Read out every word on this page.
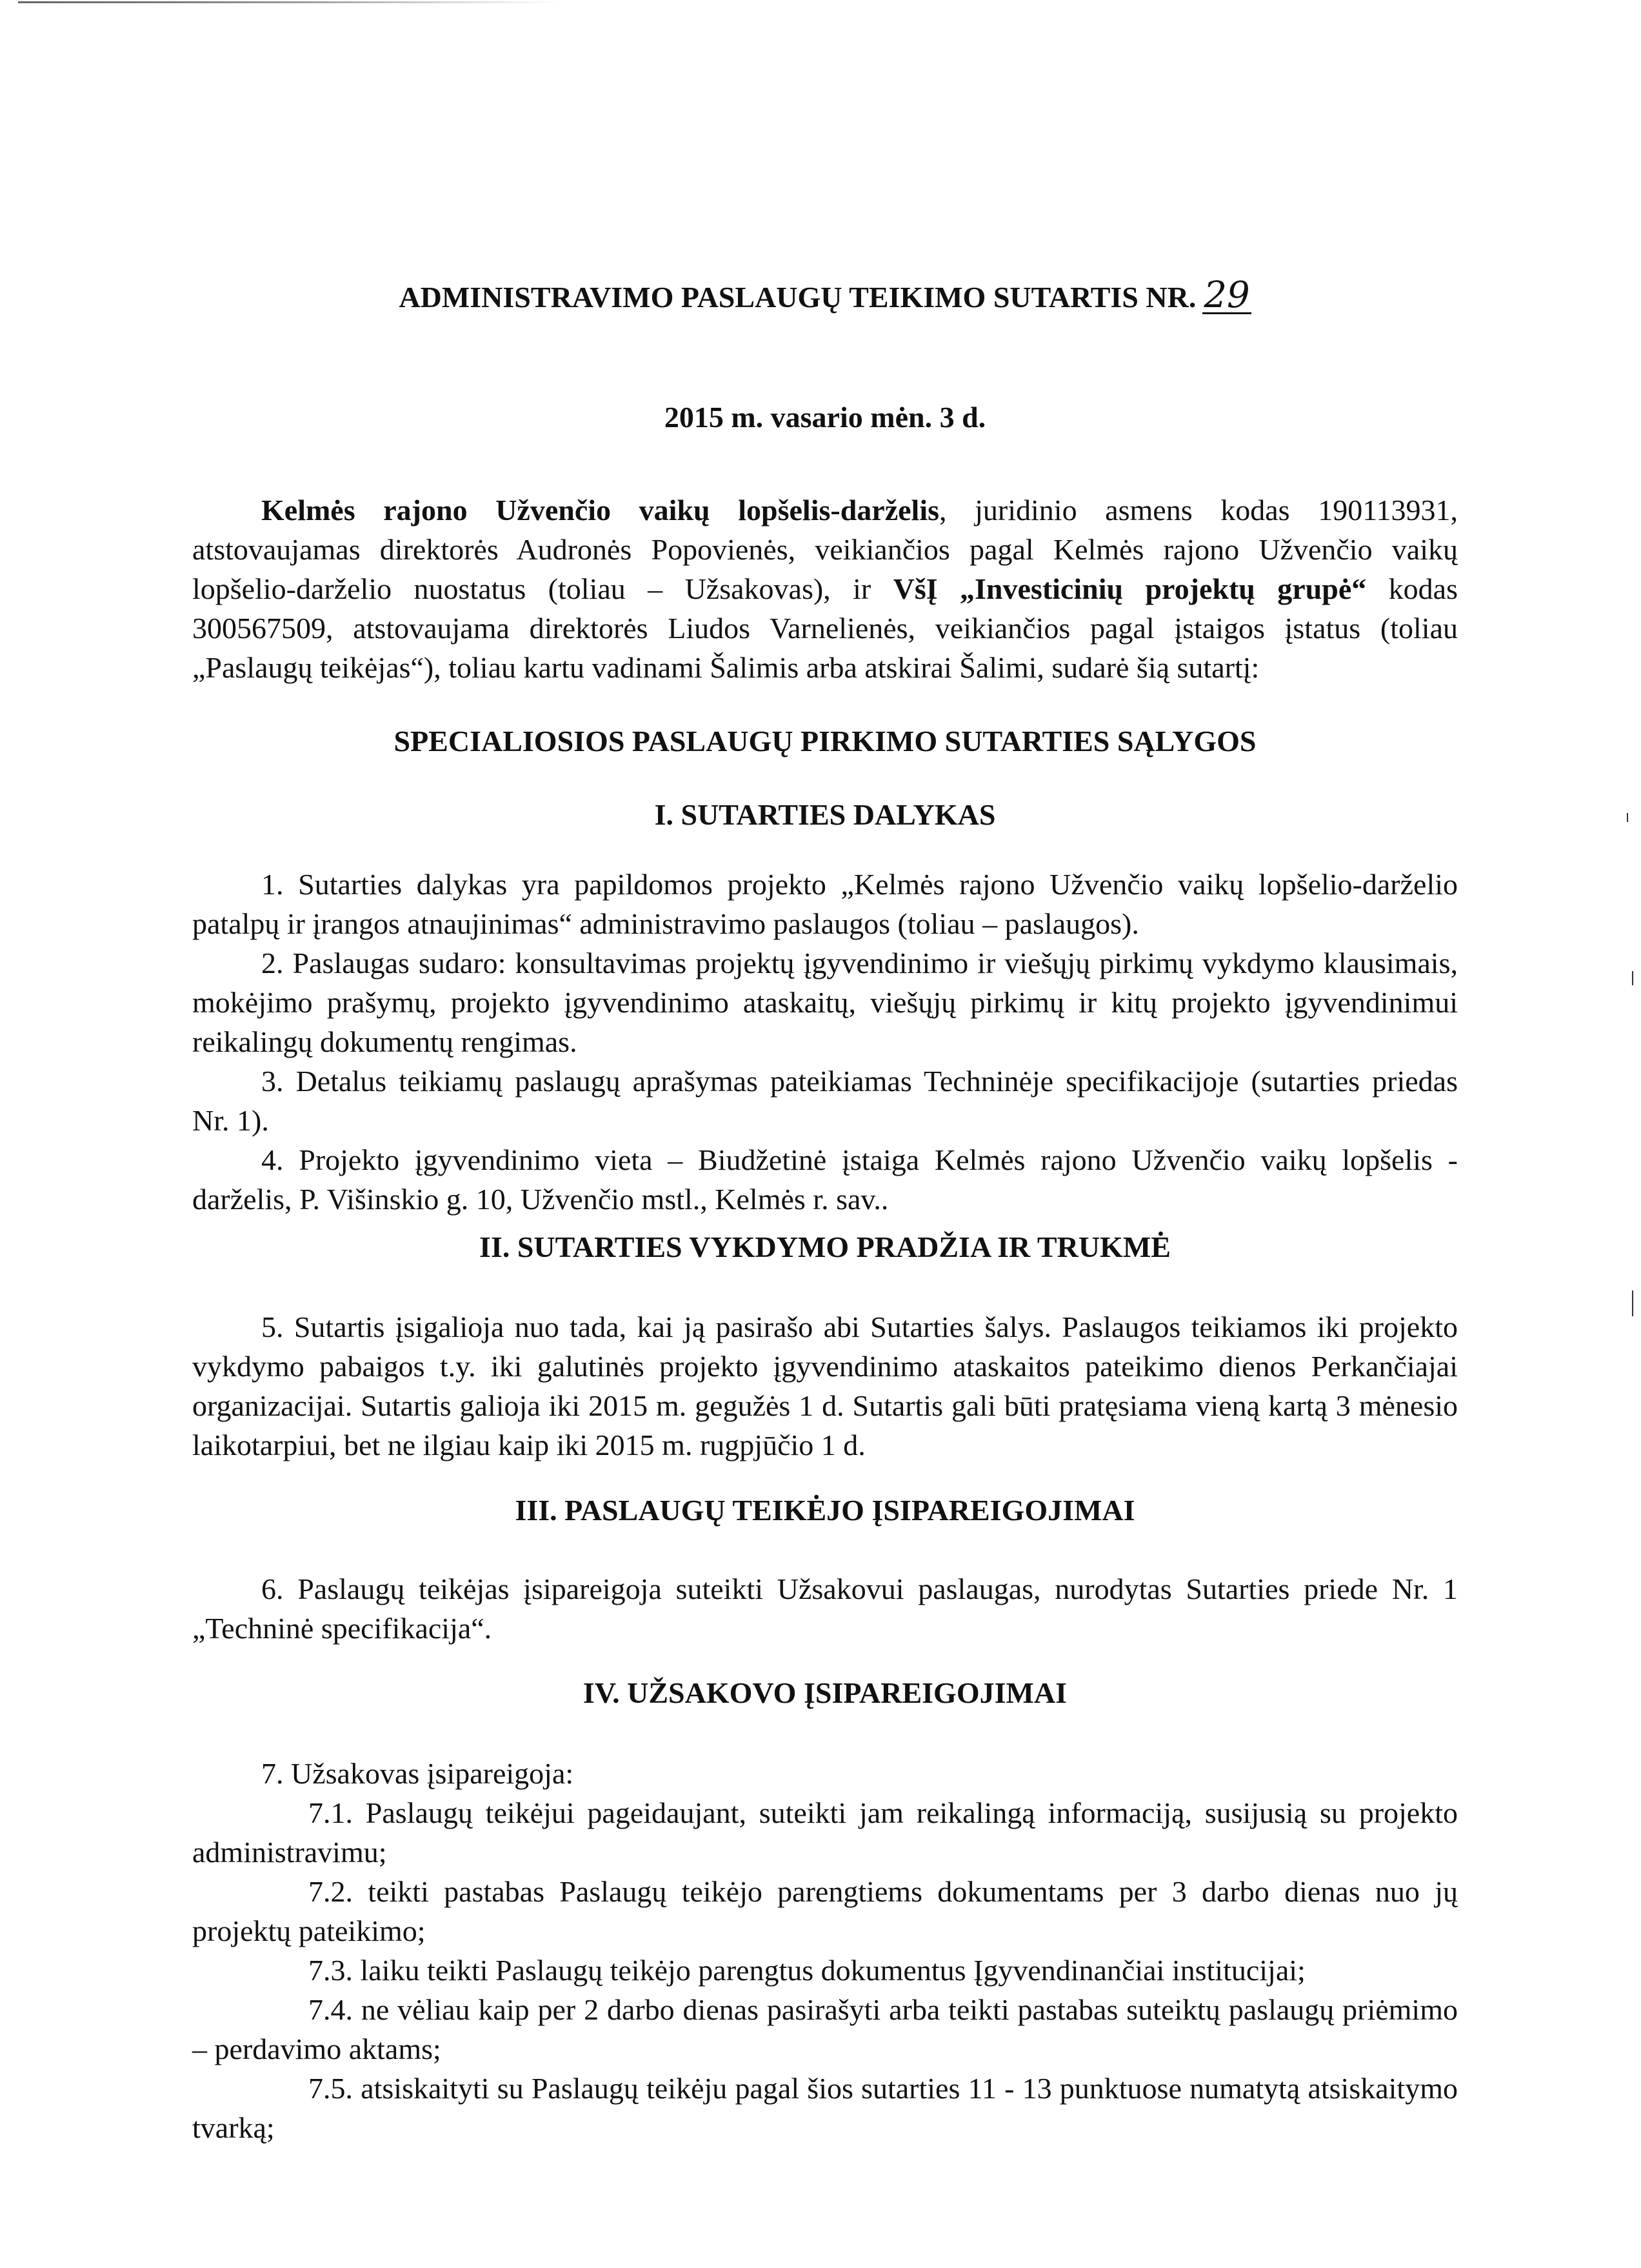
ADMINISTRAVIMO PASLAUGŲ TEIKIMO SUTARTIS NR. 29
2015 m. vasario mėn. 3 d.

Kelmės rajono Užvenčio vaikų lopšelis-darželis, juridinio asmens kodas 190113931, atstovaujamas direktorės Audronės Popovienės, veikiančios pagal Kelmės rajono Užvenčio vaikų lopšelio-darželio nuostatus (toliau – Užsakovas), ir VšĮ „Investicinių projektų grupė“ kodas 300567509, atstovaujama direktorės Liudos Varnelienės, veikiančios pagal įstaigos įstatus (toliau „Paslaugų teikėjas“), toliau kartu vadinami Šalimis arba atskirai Šalimi, sudarė šią sutartį:

SPECIALIOSIOS PASLAUGŲ PIRKIMO SUTARTIES SĄLYGOS
I. SUTARTIES DALYKAS

1. Sutarties dalykas yra papildomos projekto „Kelmės rajono Užvenčio vaikų lopšelio-darželio patalpų ir įrangos atnaujinimas“ administravimo paslaugos (toliau – paslaugos).

2. Paslaugas sudaro: konsultavimas projektų įgyvendinimo ir viešųjų pirkimų vykdymo klausimais, mokėjimo prašymų, projekto įgyvendinimo ataskaitų, viešųjų pirkimų ir kitų projekto įgyvendinimui reikalingų dokumentų rengimas.

3. Detalus teikiamų paslaugų aprašymas pateikiamas Techninėje specifikacijoje (sutarties priedas Nr. 1).

4. Projekto įgyvendinimo vieta – Biudžetinė įstaiga Kelmės rajono Užvenčio vaikų lopšelis - darželis, P. Višinskio g. 10, Užvenčio mstl., Kelmės r. sav..

II. SUTARTIES VYKDYMO PRADŽIA IR TRUKMĖ

5. Sutartis įsigalioja nuo tada, kai ją pasirašo abi Sutarties šalys. Paslaugos teikiamos iki projekto vykdymo pabaigos t.y. iki galutinės projekto įgyvendinimo ataskaitos pateikimo dienos Perkančiajai organizacijai. Sutartis galioja iki 2015 m. gegužės 1 d. Sutartis gali būti pratęsiama vieną kartą 3 mėnesio laikotarpiui, bet ne ilgiau kaip iki 2015 m. rugpjūčio 1 d.

III. PASLAUGŲ TEIKĖJO ĮSIPAREIGOJIMAI

6. Paslaugų teikėjas įsipareigoja suteikti Užsakovui paslaugas, nurodytas Sutarties priede Nr. 1 „Techninė specifikacija“.

IV. UŽSAKOVO ĮSIPAREIGOJIMAI

7. Užsakovas įsipareigoja:

7.1. Paslaugų teikėjui pageidaujant, suteikti jam reikalingą informaciją, susijusią su projekto administravimu;

7.2. teikti pastabas Paslaugų teikėjo parengtiems dokumentams per 3 darbo dienas nuo jų projektų pateikimo;

7.3. laiku teikti Paslaugų teikėjo parengtus dokumentus Įgyvendinančiai institucijai;

7.4. ne vėliau kaip per 2 darbo dienas pasirašyti arba teikti pastabas suteiktų paslaugų priėmimo – perdavimo aktams;

7.5. atsiskaityti su Paslaugų teikėju pagal šios sutarties 11 - 13 punktuose numatytą atsiskaitymo tvarką;
